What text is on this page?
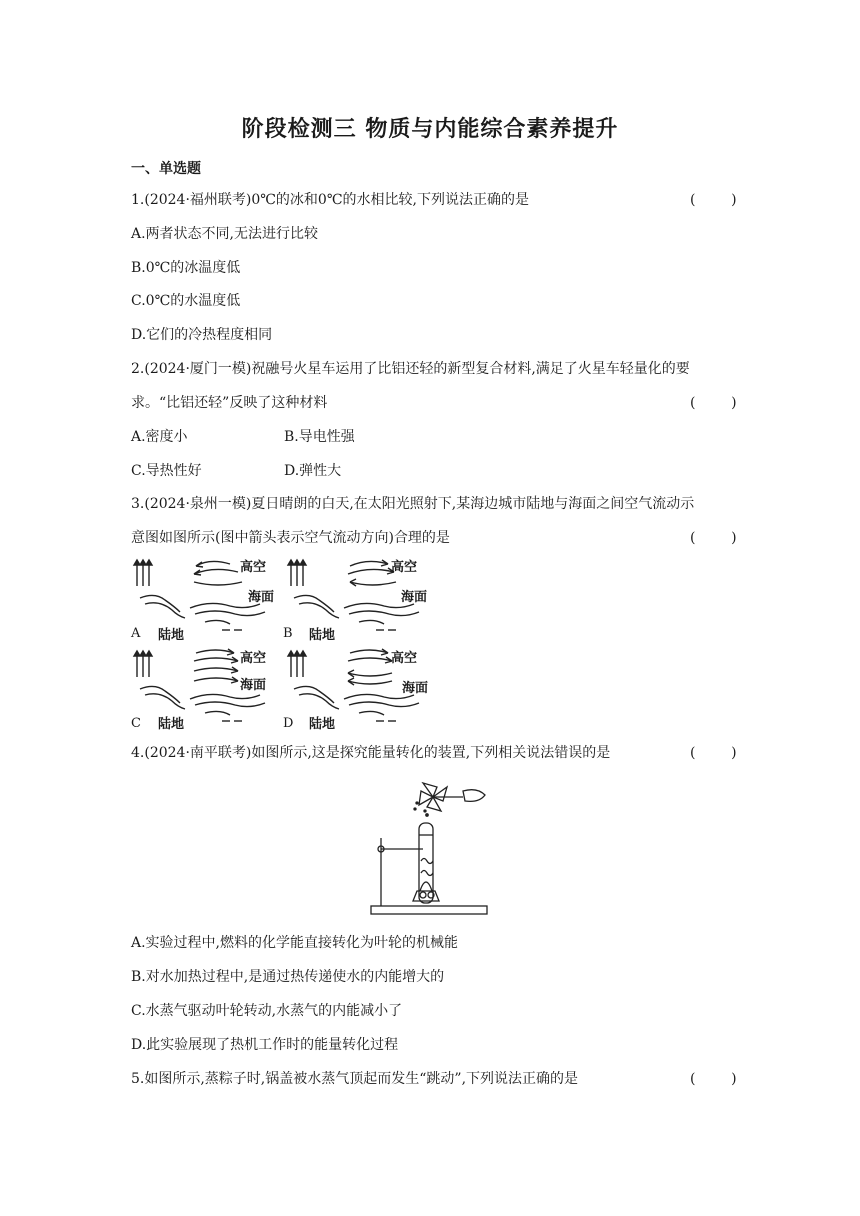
阶段检测三 物质与内能综合素养提升
一、单选题
1.(2024·福州联考)0℃的冰和0℃的水相比较,下列说法正确的是	(        )
A.两者状态不同,无法进行比较
B.0℃的冰温度低
C.0℃的水温度低
D.它们的冷热程度相同
2.(2024·厦门一模)祝融号火星车运用了比铝还轻的新型复合材料,满足了火星车轻量化的要
求。“比铝还轻”反映了这种材料	(        )
A.密度小	B.导电性强
C.导热性好	D.弹性大
3.(2024·泉州一模)夏日晴朗的白天,在太阳光照射下,某海边城市陆地与海面之间空气流动示
意图如图所示(图中箭头表示空气流动方向)合理的是	(        )
高空
海面
陆地
A
高空
海面
陆地
B
高空
海面
陆地
C
高空
海面
陆地
D
4.(2024·南平联考)如图所示,这是探究能量转化的装置,下列相关说法错误的是	(        )
A.实验过程中,燃料的化学能直接转化为叶轮的机械能
B.对水加热过程中,是通过热传递使水的内能增大的
C.水蒸气驱动叶轮转动,水蒸气的内能减小了
D.此实验展现了热机工作时的能量转化过程
5.如图所示,蒸粽子时,锅盖被水蒸气顶起而发生“跳动”,下列说法正确的是	(        )
